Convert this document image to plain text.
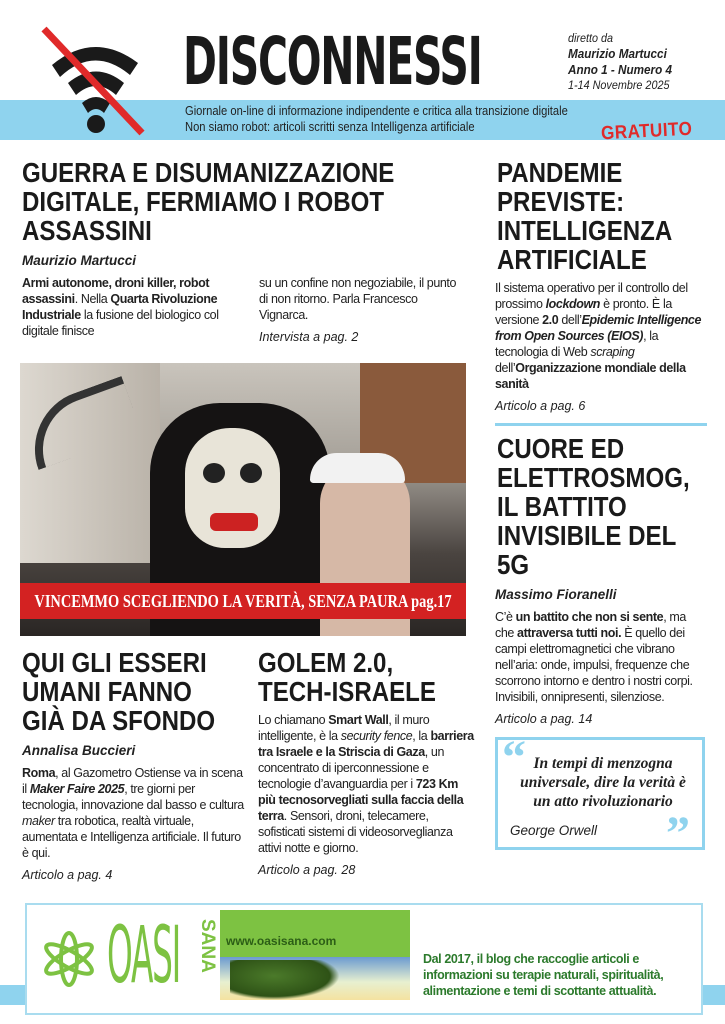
DISCONNESSI	diretto da
Maurizio Martucci
Anno 1 - Numero 4
1-14 Novembre 2025
Giornale on-line di informazione indipendente e critica alla transizione digitale
Non siamo robot: articoli scritti senza Intelligenza artificiale	GRATUITO
GUERRA E DISUMANIZZAZIONE
DIGITALE, FERMIAMO I ROBOT
ASSASSINI
Maurizio Martucci
Armi autonome, droni killer, robot assassini. Nella Quarta Rivoluzione Industriale la fusione del biologico col digitale finisce
su un confine non negoziabile, il punto di non ritorno. Parla Francesco Vignarca.
Intervista a pag. 2
VINCEMMO SCEGLIENDO LA VERITÀ, SENZA PAURA pag.17
PANDEMIE
PREVISTE:
INTELLIGENZA
ARTIFICIALE
Il sistema operativo per il controllo del prossimo lockdown è pronto. È la versione 2.0 dell’Epidemic Intelligence from Open Sources (EIOS), la tecnologia di Web scraping dell’Organizzazione mondiale della sanità
Articolo a pag. 6
CUORE ED
ELETTROSMOG,
IL BATTITO
INVISIBILE DEL
5G
Massimo Fioranelli
C’è un battito che non si sente, ma che attraversa tutti noi. È quello dei campi elettromagnetici che vibrano nell’aria: onde, impulsi, frequenze che scorrono intorno e dentro i nostri corpi. Invisibili, onnipresenti, silenziose.
Articolo a pag. 14
“ In tempi di menzogna universale, dire la verità è un atto rivoluzionario
George Orwell ”
QUI GLI ESSERI
UMANI FANNO
GIÀ DA SFONDO
Annalisa Buccieri
Roma, al Gazometro Ostiense va in scena il Maker Faire 2025, tre giorni per tecnologia, innovazione dal basso e cultura maker tra robotica, realtà virtuale, aumentata e Intelligenza artificiale. Il futuro è qui.
Articolo a pag. 4
GOLEM 2.0,
TECH-ISRAELE
Lo chiamano Smart Wall, il muro intelligente, è la security fence, la barriera tra Israele e la Striscia di Gaza, un concentrato di iperconnessione e tecnologie d’avanguardia per i 723 Km più tecnosorvegliati sulla faccia della terra. Sensori, droni, telecamere, sofisticati sistemi di videosorveglianza attivi notte e giorno.
Articolo a pag. 28
OASI SANA www.oasisana.com
Dal 2017, il blog che raccoglie articoli e informazioni su terapie naturali, spiritualità, alimentazione e temi di scottante attualità.
